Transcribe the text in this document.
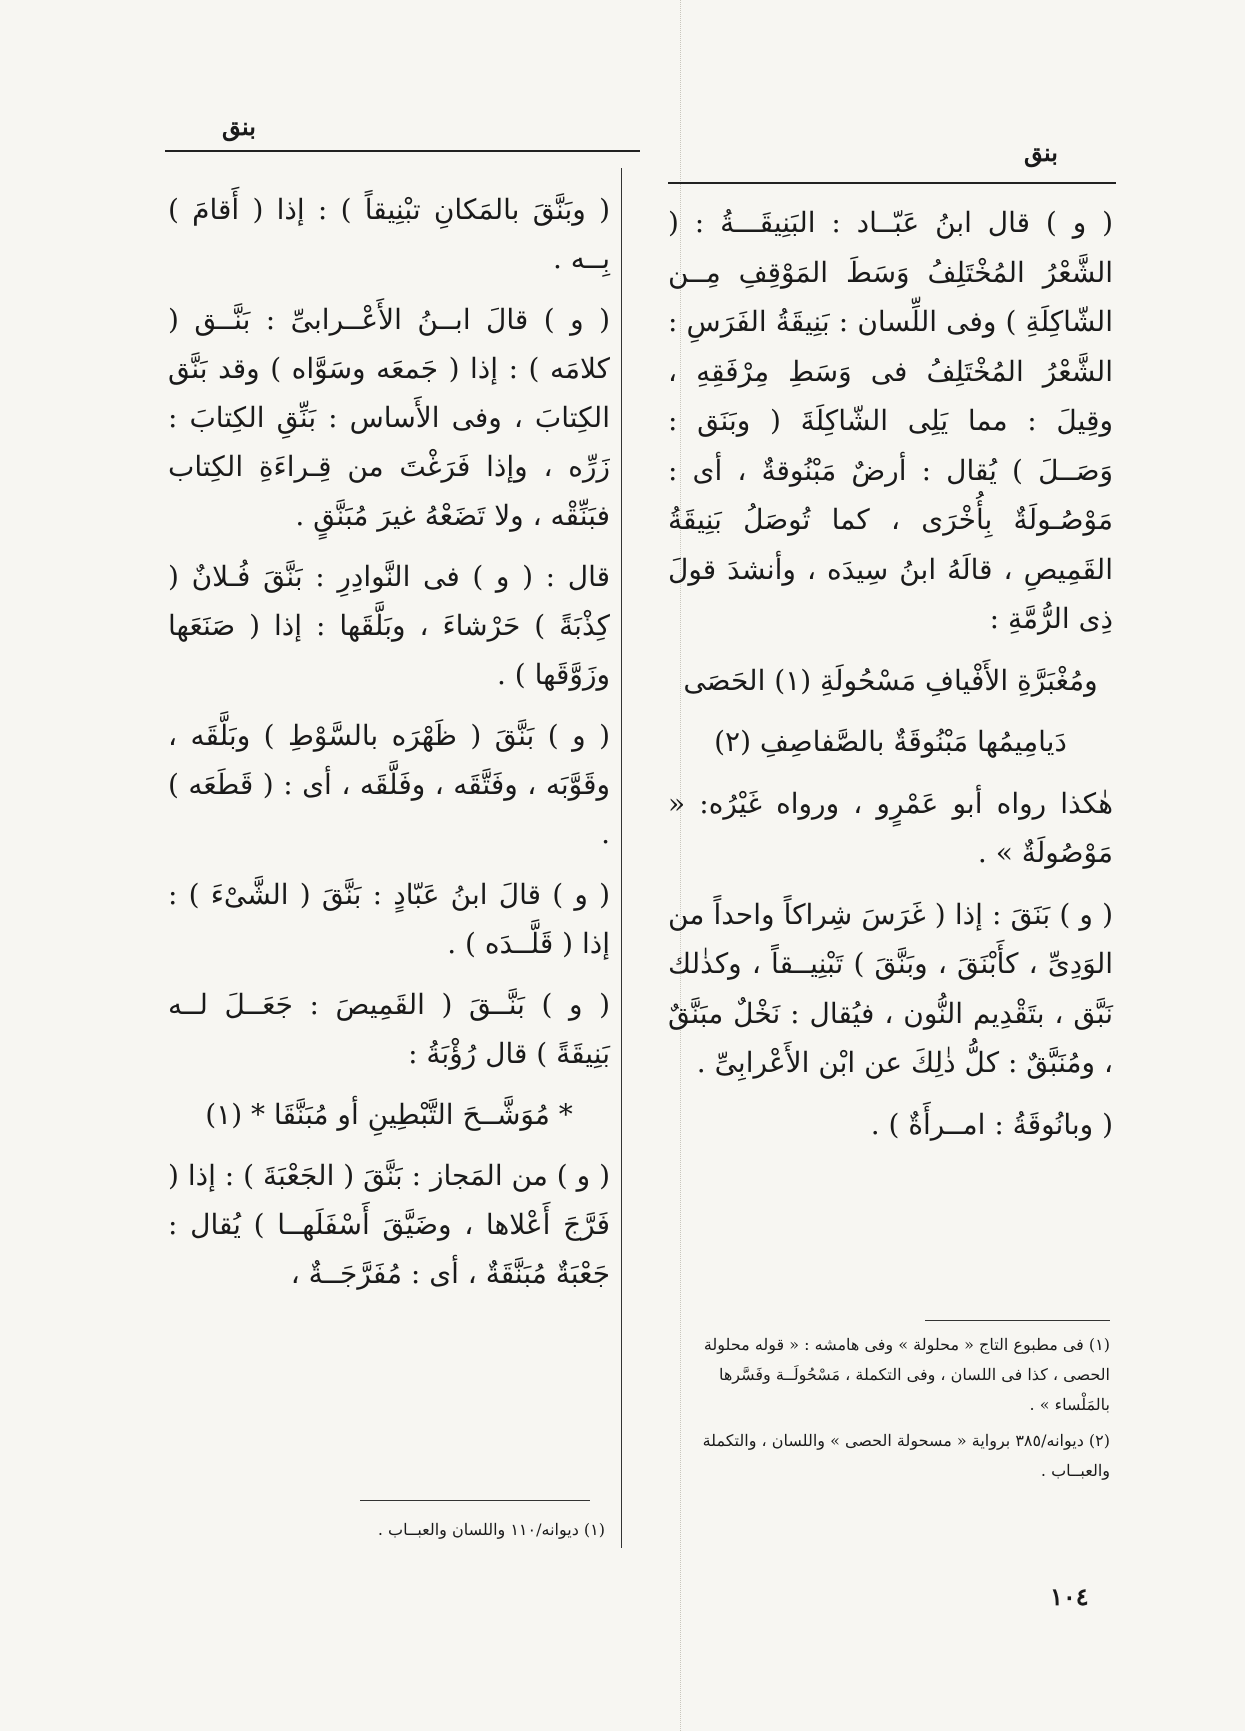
بنق
بنق

( و ) قال ابنُ عَبّــاد : البَنِيقَـــةُ : ( الشَّعْرُ المُخْتَلِفُ وَسَطَ المَوْقِفِ مِــن الشّاكِلَةِ ) وفى اللِّسان : بَنِيقَةُ الفَرَسِ : الشَّعْرُ المُخْتَلِفُ فى وَسَطِ مِرْفَقِهِ ، وقِيلَ : مما يَلِى الشّاكِلَةَ ( وبَنَق : وَصَــلَ ) يُقال : أرضٌ مَبْنُوقةٌ ، أى : مَوْصُـولَةٌ بِأُخْرَى ، كما تُوصَلُ بَنِيقَةُ القَمِيصِ ، قالَهُ ابنُ سِيدَه ، وأنشدَ قولَ ذِى الرُّمَّةِ :

ومُغْبَرَّةِ الأَفْيافِ مَسْحُولَةِ (١) الحَصَى

دَيامِيمُها مَبْنُوقَةٌ بالصَّفاصِفِ (٢)

هٰكذا رواه أبو عَمْرٍو ، ورواه غَيْرُه: « مَوْصُولَةٌ » .

( و ) بَنَقَ : إذا ( غَرَسَ شِراكاً واحداً من الوَدِىِّ ، كأَبْنَقَ ، وبَنَّقَ ) تَبْنِيــقاً ، وكذٰلك نَبَّق ، بتَقْدِيم النُّون ، فيُقال : نَخْلٌ مبَنَّقٌ ، ومُنَبَّقٌ : كلُّ ذٰلِكَ عن ابْن الأَعْرابِىِّ .

( وبانُوقَةُ : امــرأَةٌ ) .

( وبَنَّقَ بالمَكانِ تبْنِيقاً ) : إذا ( أَقامَ ) بِــه .

( و ) قالَ ابــنُ الأَعْــرابىِّ : بَنَّــق ( كلامَه ) : إذا ( جَمعَه وسَوَّاه ) وقد بَنَّق الكِتابَ ، وفى الأَساس : بَنِّقِ الكِتابَ : زَرِّه ، وإذا فَرَغْتَ من قِـراءَةِ الكِتاب فبَنِّقْه ، ولا تَضَعْهُ غيرَ مُبَنَّقٍ .

قال : ( و ) فى النَّوادِرِ : بَنَّقَ فُـلانٌ ( كِذْبَةً ) حَرْشاءَ ، وبَلَّقَها : إذا ( صَنَعَها وزَوَّقَها ) .

( و ) بَنَّقَ ( ظَهْرَه بالسَّوْطِ ) وبَلَّقَه ، وقَوَّبَه ، وفَتَّقَه ، وفَلَّقَه ، أى : ( قَطَعَه ) .

( و ) قالَ ابنُ عَبّادٍ : بَنَّقَ ( الشَّىْءَ ) : إذا ( قَلَّــدَه ) .

( و ) بَنَّــقَ ( القَمِيصَ : جَعَــلَ لــه بَنِيقَةً ) قال رُؤْبَةُ :

* مُوَشَّــحَ التَّبْطِينِ أو مُبَنَّقَا * (١)

( و ) من المَجاز : بَنَّقَ ( الجَعْبَةَ ) : إذا ( فَرَّجَ أَعْلاها ، وضَيَّقَ أَسْفَلَهــا ) يُقال : جَعْبَةٌ مُبَنَّقَةٌ ، أى : مُفَرَّجَــةٌ ،

(١) فى مطبوع التاج « محلولة » وفى هامشه : « قوله محلولة الحصى ، كذا فى اللسان ، وفى التكملة ، مَسْحُولَــة وفَسَّرها بالمَلْساء » .

(٢) ديوانه/٣٨٥ برواية « مسحولة الحصى » واللسان ، والتكملة والعبــاب .

(١) ديوانه/١١٠ واللسان والعبــاب .

١٠٤
